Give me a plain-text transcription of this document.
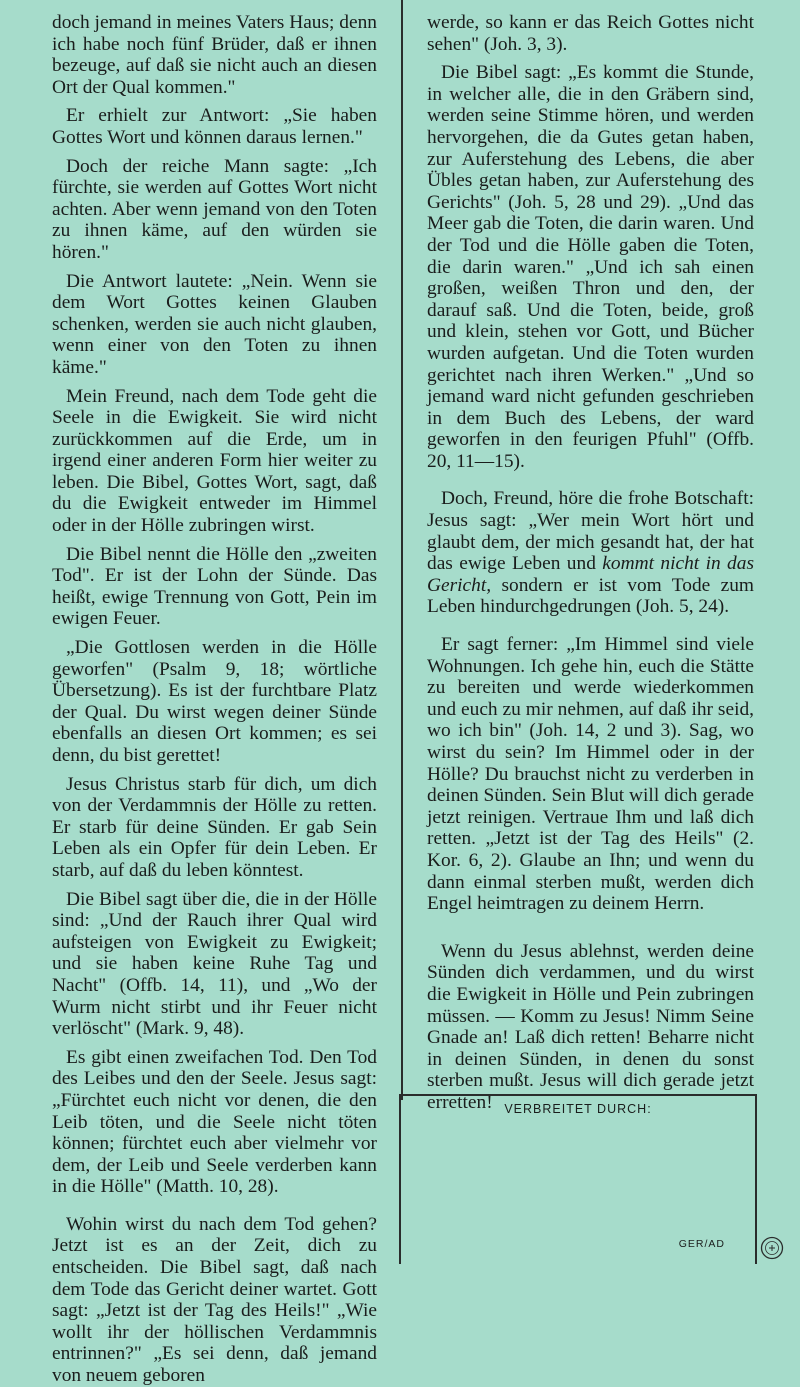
doch jemand in meines Vaters Haus; denn ich habe noch fünf Brüder, daß er ihnen bezeuge, auf daß sie nicht auch an diesen Ort der Qual kommen."

Er erhielt zur Antwort: „Sie haben Gottes Wort und können daraus lernen."

Doch der reiche Mann sagte: „Ich fürchte, sie werden auf Gottes Wort nicht achten. Aber wenn jemand von den Toten zu ihnen käme, auf den würden sie hören."

Die Antwort lautete: „Nein. Wenn sie dem Wort Gottes keinen Glauben schenken, werden sie auch nicht glauben, wenn einer von den Toten zu ihnen käme."

Mein Freund, nach dem Tode geht die Seele in die Ewigkeit. Sie wird nicht zurückkommen auf die Erde, um in irgend einer anderen Form hier weiter zu leben. Die Bibel, Gottes Wort, sagt, daß du die Ewigkeit entweder im Himmel oder in der Hölle zubringen wirst.

Die Bibel nennt die Hölle den „zweiten Tod". Er ist der Lohn der Sünde. Das heißt, ewige Trennung von Gott, Pein im ewigen Feuer.

„Die Gottlosen werden in die Hölle geworfen" (Psalm 9, 18; wörtliche Übersetzung). Es ist der furchtbare Platz der Qual. Du wirst wegen deiner Sünde ebenfalls an diesen Ort kommen; es sei denn, du bist gerettet!

Jesus Christus starb für dich, um dich von der Verdammnis der Hölle zu retten. Er starb für deine Sünden. Er gab Sein Leben als ein Opfer für dein Leben. Er starb, auf daß du leben könntest.

Die Bibel sagt über die, die in der Hölle sind: „Und der Rauch ihrer Qual wird aufsteigen von Ewigkeit zu Ewigkeit; und sie haben keine Ruhe Tag und Nacht" (Offb. 14, 11), und „Wo der Wurm nicht stirbt und ihr Feuer nicht verlöscht" (Mark. 9, 48).

Es gibt einen zweifachen Tod. Den Tod des Leibes und den der Seele. Jesus sagt: „Fürchtet euch nicht vor denen, die den Leib töten, und die Seele nicht töten können; fürchtet euch aber vielmehr vor dem, der Leib und Seele verderben kann in die Hölle" (Matth. 10, 28).

Wohin wirst du nach dem Tod gehen? Jetzt ist es an der Zeit, dich zu entscheiden. Die Bibel sagt, daß nach dem Tode das Gericht deiner wartet. Gott sagt: „Jetzt ist der Tag des Heils!" „Wie wollt ihr der höllischen Verdammnis entrinnen?" „Es sei denn, daß jemand von neuem geboren

werde, so kann er das Reich Gottes nicht sehen" (Joh. 3, 3).

Die Bibel sagt: „Es kommt die Stunde, in welcher alle, die in den Gräbern sind, werden seine Stimme hören, und werden hervorgehen, die da Gutes getan haben, zur Auferstehung des Lebens, die aber Übles getan haben, zur Auferstehung des Gerichts" (Joh. 5, 28 und 29). „Und das Meer gab die Toten, die darin waren. Und der Tod und die Hölle gaben die Toten, die darin waren." „Und ich sah einen großen, weißen Thron und den, der darauf saß. Und die Toten, beide, groß und klein, stehen vor Gott, und Bücher wurden aufgetan. Und die Toten wurden gerichtet nach ihren Werken." „Und so jemand ward nicht gefunden geschrieben in dem Buch des Lebens, der ward geworfen in den feurigen Pfuhl" (Offb. 20, 11—15).

Doch, Freund, höre die frohe Botschaft: Jesus sagt: „Wer mein Wort hört und glaubt dem, der mich gesandt hat, der hat das ewige Leben und kommt nicht in das Gericht, sondern er ist vom Tode zum Leben hindurchgedrungen (Joh. 5, 24).

Er sagt ferner: „Im Himmel sind viele Wohnungen. Ich gehe hin, euch die Stätte zu bereiten und werde wiederkommen und euch zu mir nehmen, auf daß ihr seid, wo ich bin" (Joh. 14, 2 und 3). Sag, wo wirst du sein? Im Himmel oder in der Hölle? Du brauchst nicht zu verderben in deinen Sünden. Sein Blut will dich gerade jetzt reinigen. Vertraue Ihm und laß dich retten. „Jetzt ist der Tag des Heils" (2. Kor. 6, 2). Glaube an Ihn; und wenn du dann einmal sterben mußt, werden dich Engel heimtragen zu deinem Herrn.

Wenn du Jesus ablehnst, werden deine Sünden dich verdammen, und du wirst die Ewigkeit in Hölle und Pein zubringen müssen. — Komm zu Jesus! Nimm Seine Gnade an! Laß dich retten! Beharre nicht in deinen Sünden, in denen du sonst sterben mußt. Jesus will dich gerade jetzt erretten! VERBREITET DURCH:
GER/AD
